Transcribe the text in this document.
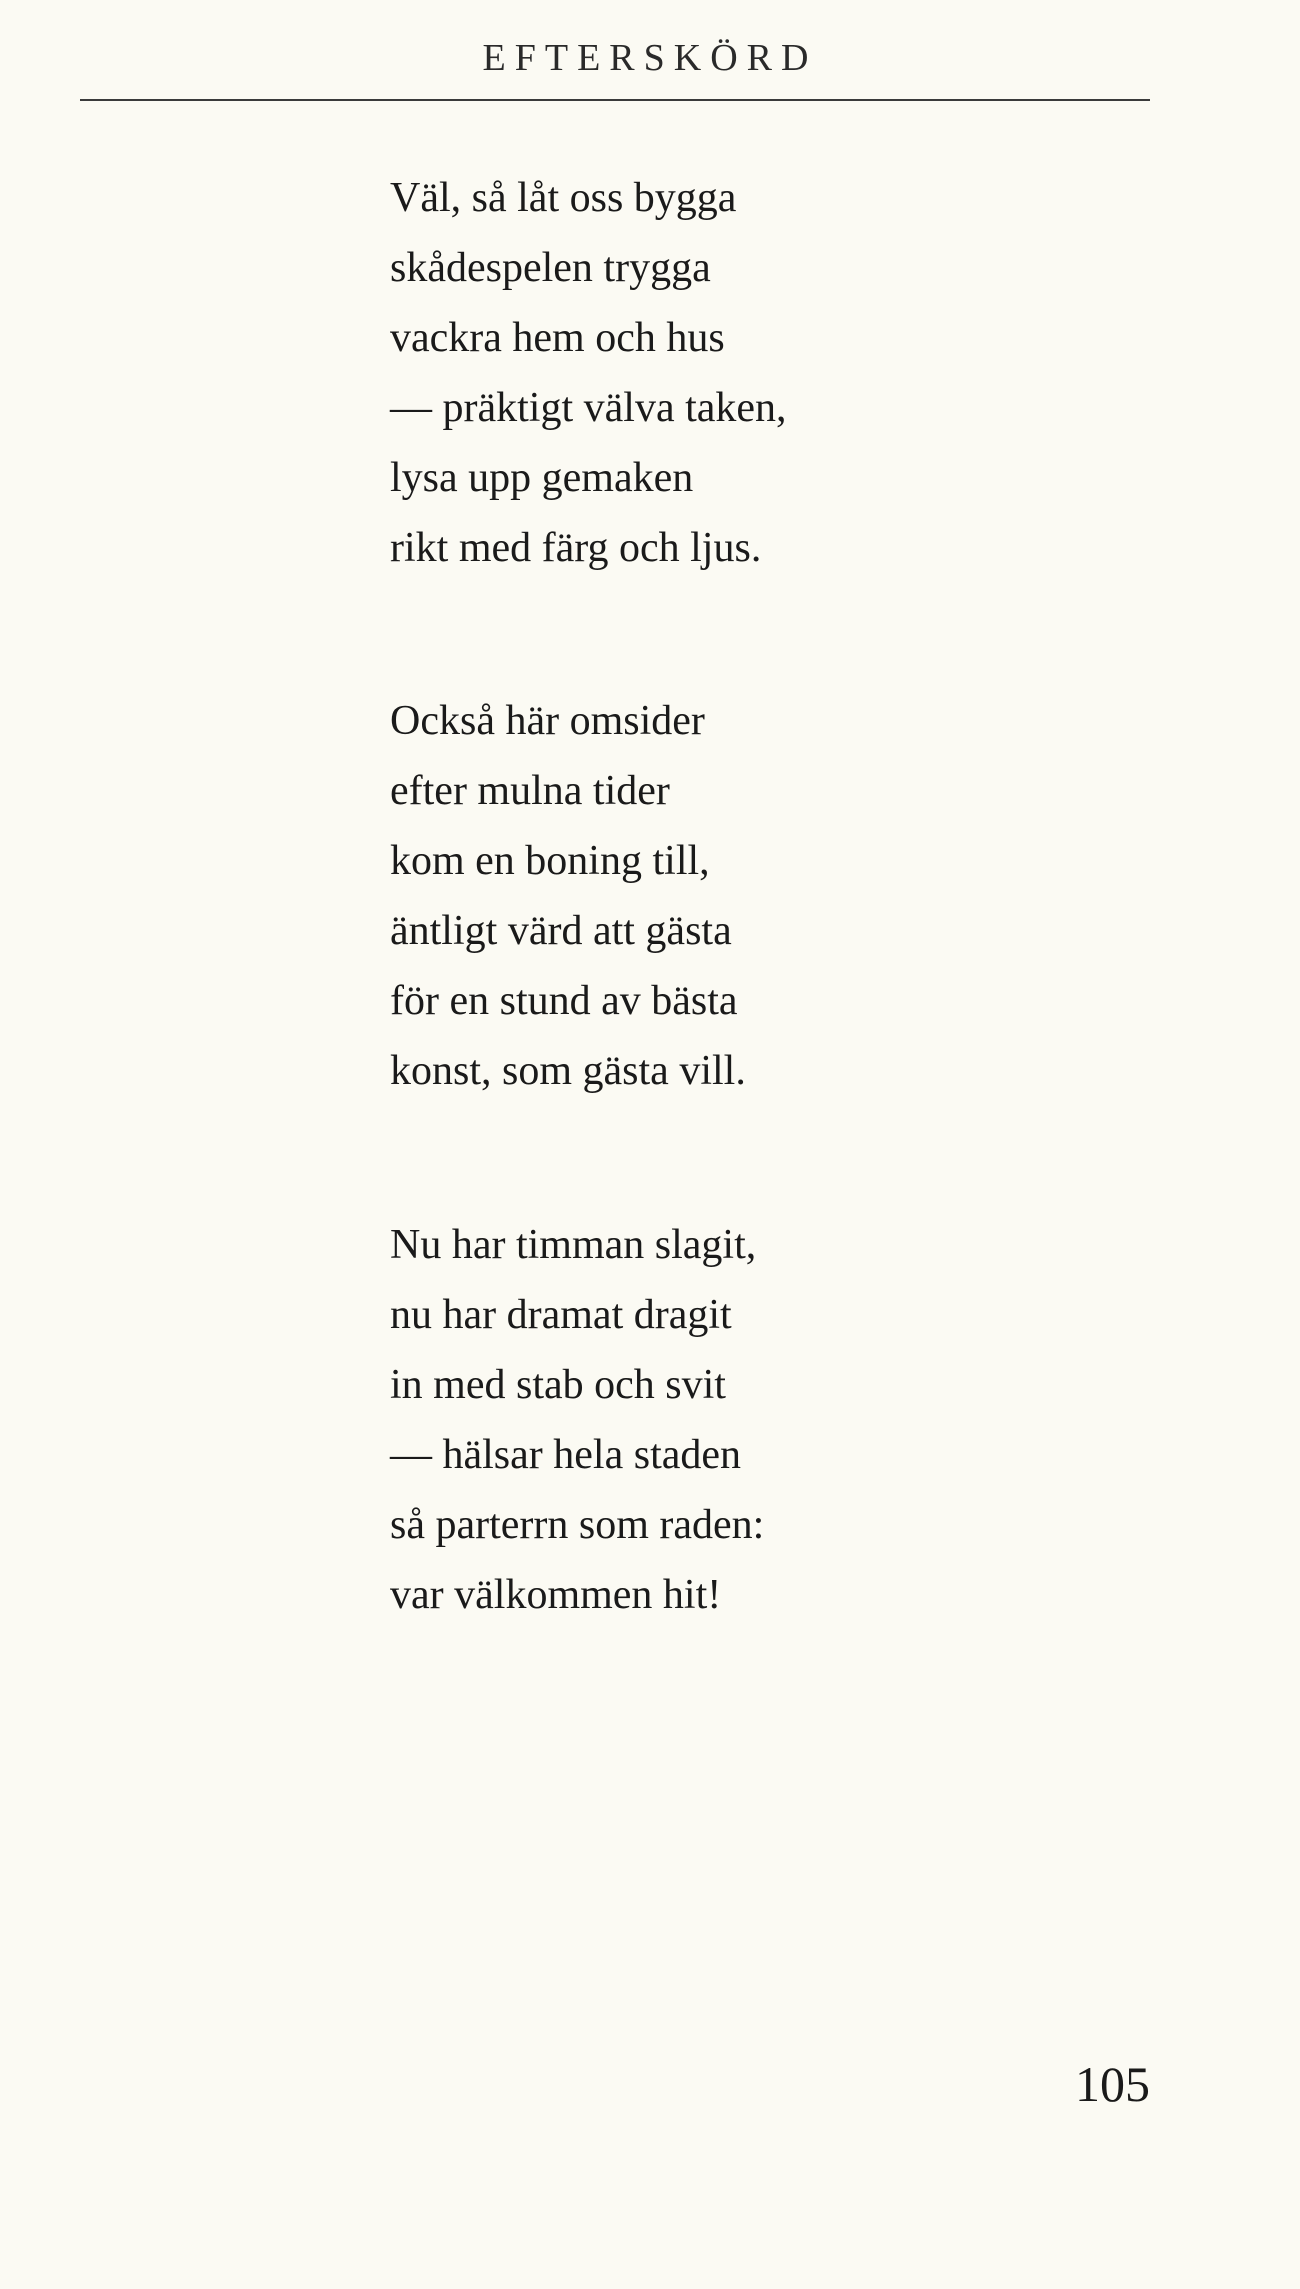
EFTERSKÖRD
Väl, så låt oss bygga
skådespelen trygga
vackra hem och hus
— präktigt välva taken,
lysa upp gemaken
rikt med färg och ljus.
Också här omsider
efter mulna tider
kom en boning till,
äntligt värd att gästa
för en stund av bästa
konst, som gästa vill.
Nu har timman slagit,
nu har dramat dragit
in med stab och svit
— hälsar hela staden
så parterrn som raden:
var välkommen hit!
105
